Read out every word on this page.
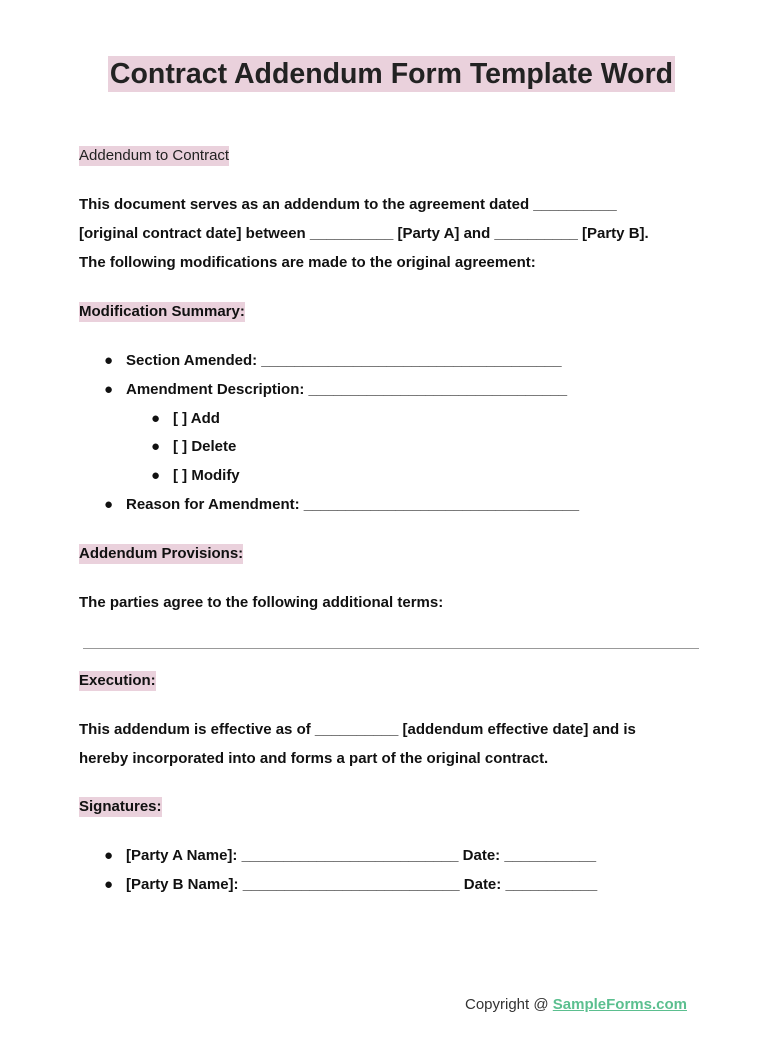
Contract Addendum Form Template Word
Addendum to Contract
This document serves as an addendum to the agreement dated __________
[original contract date] between __________ [Party A] and __________ [Party B].
The following modifications are made to the original agreement:
Modification Summary:
● Section Amended: ____________________________________
● Amendment Description: _______________________________
● [ ] Add
● [ ] Delete
● [ ] Modify
● Reason for Amendment: _________________________________
Addendum Provisions:
The parties agree to the following additional terms:
Execution:
This addendum is effective as of __________ [addendum effective date] and is
hereby incorporated into and forms a part of the original contract.
Signatures:
● [Party A Name]: __________________________ Date: ___________
● [Party B Name]: __________________________ Date: ___________
Copyright @ SampleForms.com
